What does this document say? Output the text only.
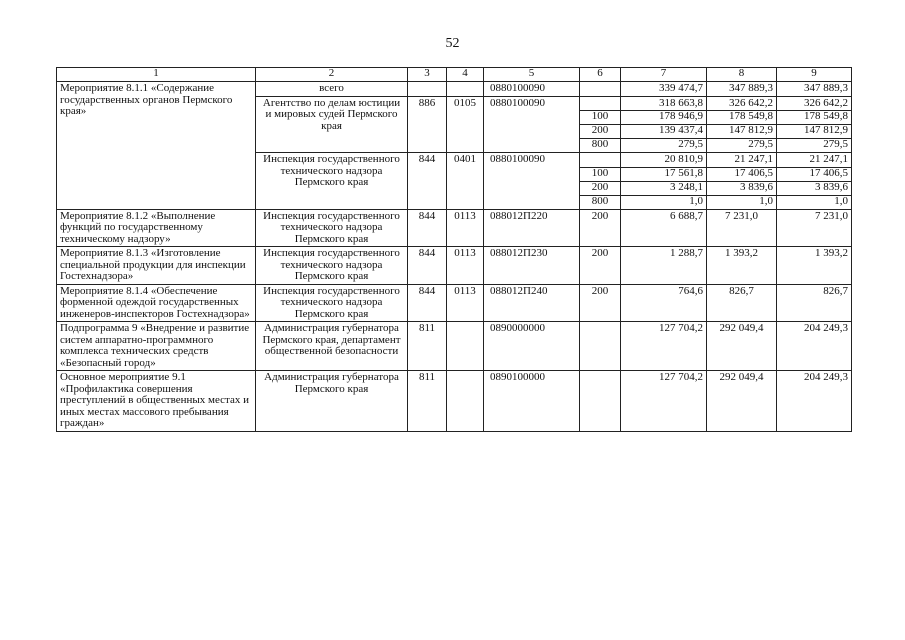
52
1	2	3	4	5	6	7	8	9
Мероприятие 8.1.1 «Содержание государственных органов Пермского края»	всего			0880100090		339 474,7	347 889,3	347 889,3
	Агентство по делам юстиции и мировых судей Пермского края	886	0105	0880100090		318 663,8	326 642,2	326 642,2
					100	178 946,9	178 549,8	178 549,8
					200	139 437,4	147 812,9	147 812,9
					800	279,5	279,5	279,5
	Инспекция государственного технического надзора Пермского края	844	0401	0880100090		20 810,9	21 247,1	21 247,1
					100	17 561,8	17 406,5	17 406,5
					200	3 248,1	3 839,6	3 839,6
					800	1,0	1,0	1,0
Мероприятие 8.1.2 «Выполнение функций по государственному техническому надзору»	Инспекция государственного технического надзора Пермского края	844	0113	088012П220	200	6 688,7	7 231,0	7 231,0
Мероприятие 8.1.3 «Изготовление специальной продукции для инспекции Гостехнадзора»	Инспекция государственного технического надзора Пермского края	844	0113	088012П230	200	1 288,7	1 393,2	1 393,2
Мероприятие 8.1.4 «Обеспечение форменной одеждой государственных инженеров-инспекторов Гостехнадзора»	Инспекция государственного технического надзора Пермского края	844	0113	088012П240	200	764,6	826,7	826,7
Подпрограмма 9 «Внедрение и развитие систем аппаратно-программного комплекса технических средств «Безопасный город»	Администрация губернатора Пермского края, департамент общественной безопасности	811		0890000000		127 704,2	292 049,4	204 249,3
Основное мероприятие 9.1 «Профилактика совершения преступлений в общественных местах и иных местах массового пребывания граждан»	Администрация губернатора Пермского края	811		0890100000		127 704,2	292 049,4	204 249,3
